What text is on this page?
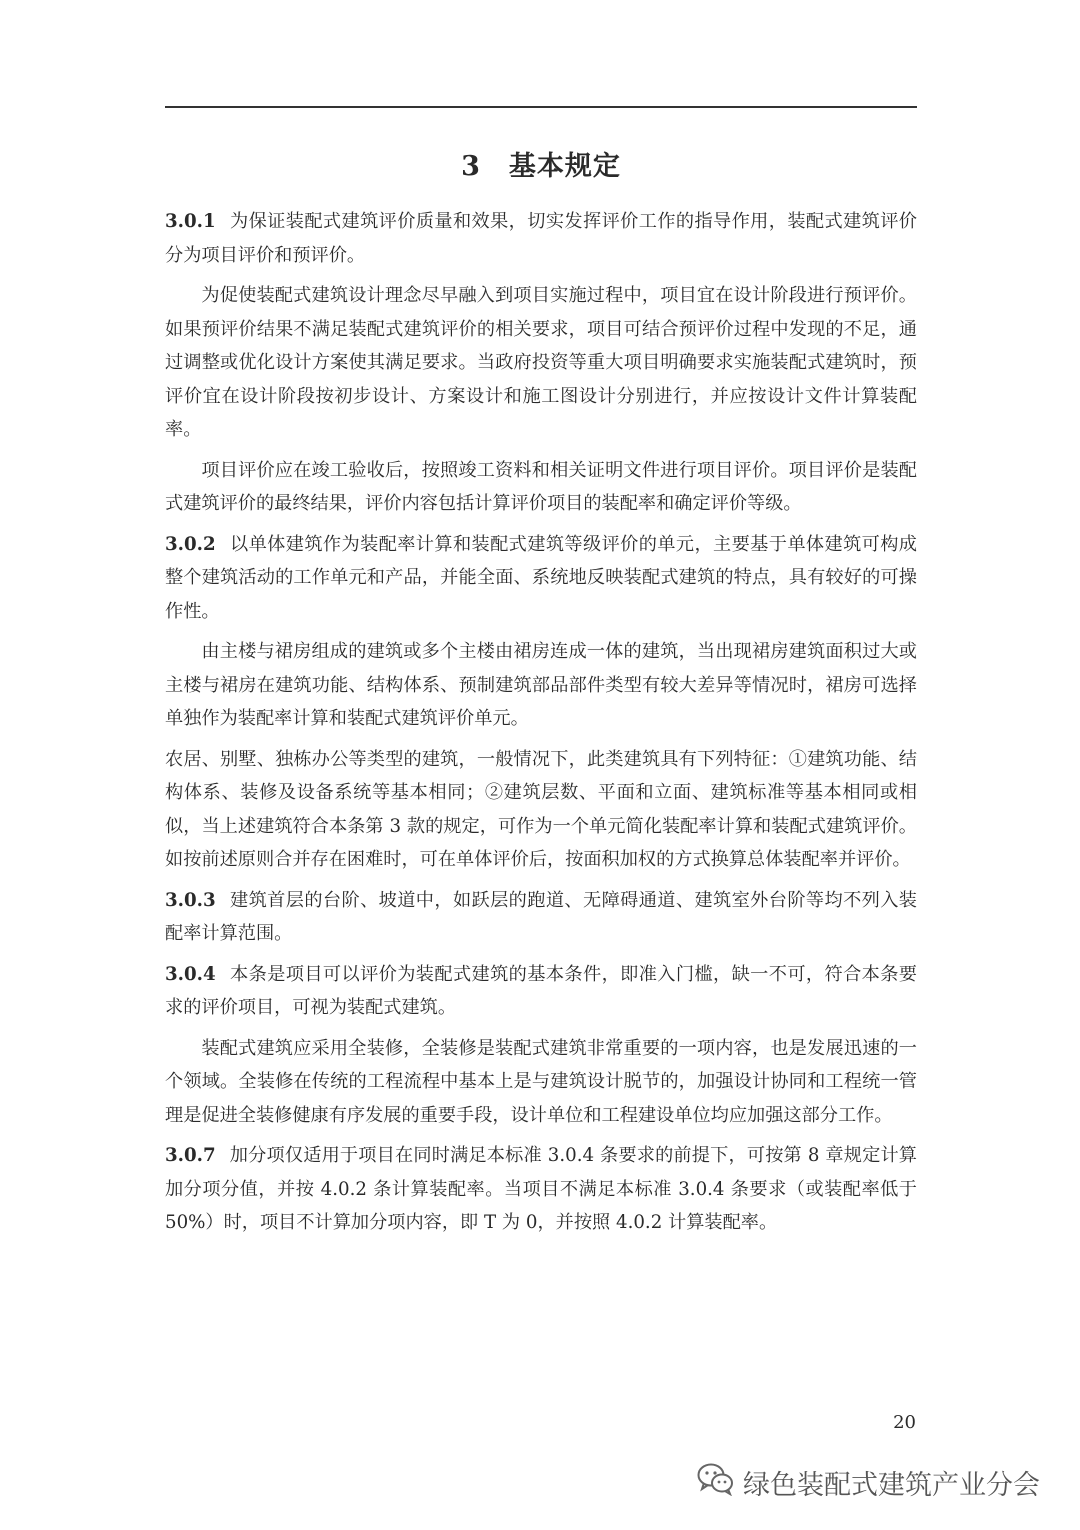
3　基本规定

3.0.1 为保证装配式建筑评价质量和效果，切实发挥评价工作的指导作用，装配式建筑评价分为项目评价和预评价。

为促使装配式建筑设计理念尽早融入到项目实施过程中，项目宜在设计阶段进行预评价。如果预评价结果不满足装配式建筑评价的相关要求，项目可结合预评价过程中发现的不足，通过调整或优化设计方案使其满足要求。当政府投资等重大项目明确要求实施装配式建筑时，预评价宜在设计阶段按初步设计、方案设计和施工图设计分别进行，并应按设计文件计算装配率。

项目评价应在竣工验收后，按照竣工资料和相关证明文件进行项目评价。项目评价是装配式建筑评价的最终结果，评价内容包括计算评价项目的装配率和确定评价等级。

3.0.2 以单体建筑作为装配率计算和装配式建筑等级评价的单元，主要基于单体建筑可构成整个建筑活动的工作单元和产品，并能全面、系统地反映装配式建筑的特点，具有较好的可操作性。

由主楼与裙房组成的建筑或多个主楼由裙房连成一体的建筑，当出现裙房建筑面积过大或主楼与裙房在建筑功能、结构体系、预制建筑部品部件类型有较大差异等情况时，裙房可选择单独作为装配率计算和装配式建筑评价单元。

农居、别墅、独栋办公等类型的建筑，一般情况下，此类建筑具有下列特征：①建筑功能、结构体系、装修及设备系统等基本相同；②建筑层数、平面和立面、建筑标准等基本相同或相似，当上述建筑符合本条第 3 款的规定，可作为一个单元简化装配率计算和装配式建筑评价。如按前述原则合并存在困难时，可在单体评价后，按面积加权的方式换算总体装配率并评价。

3.0.3 建筑首层的台阶、坡道中，如跃层的跑道、无障碍通道、建筑室外台阶等均不列入装配率计算范围。

3.0.4 本条是项目可以评价为装配式建筑的基本条件，即准入门槛，缺一不可，符合本条要求的评价项目，可视为装配式建筑。

装配式建筑应采用全装修，全装修是装配式建筑非常重要的一项内容，也是发展迅速的一个领域。全装修在传统的工程流程中基本上是与建筑设计脱节的，加强设计协同和工程统一管理是促进全装修健康有序发展的重要手段，设计单位和工程建设单位均应加强这部分工作。

3.0.7 加分项仅适用于项目在同时满足本标准 3.0.4 条要求的前提下，可按第 8 章规定计算加分项分值，并按 4.0.2 条计算装配率。当项目不满足本标准 3.0.4 条要求（或装配率低于50%）时，项目不计算加分项内容，即 T 为 0，并按照 4.0.2 计算装配率。

20
绿色装配式建筑产业分会
